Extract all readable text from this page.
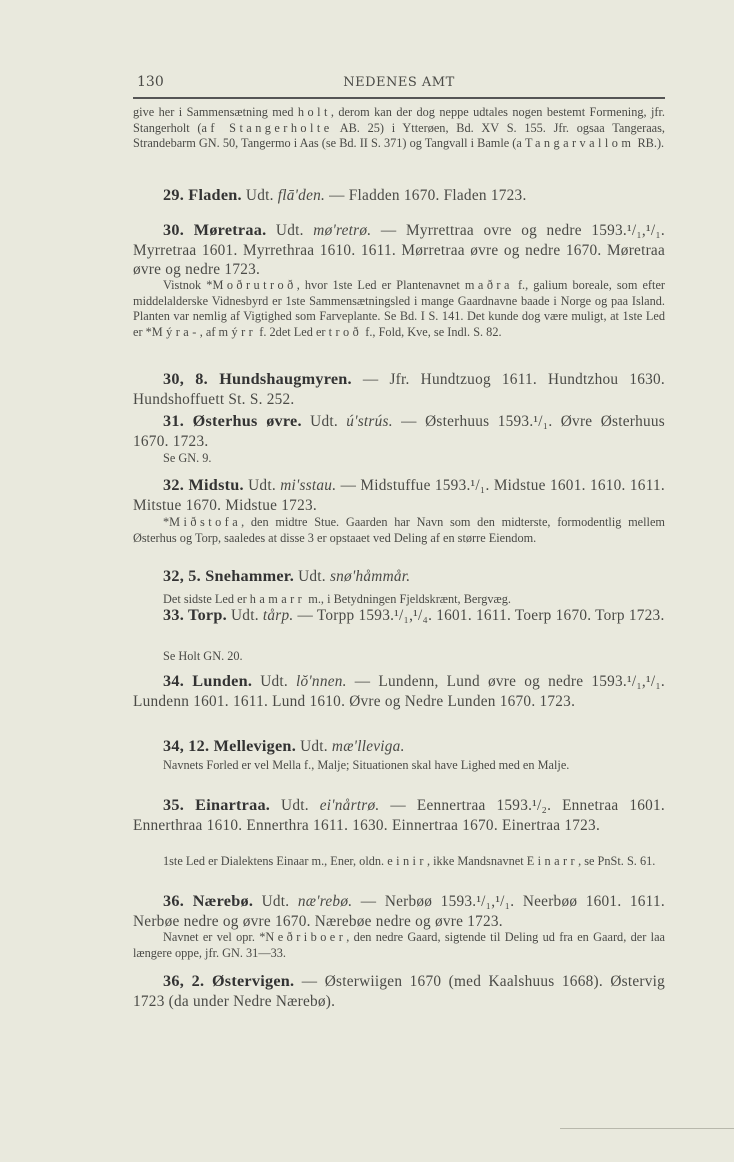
130	NEDENES AMT
give her i Sammensætning med holt, derom kan der dog neppe udtales nogen bestemt Formening, jfr. Stangerholt (af Stangerholte AB. 25) i Ytterøen, Bd. XV S. 155. Jfr. ogsaa Tangeraas, Strandebarm GN. 50, Tangermo i Aas (se Bd. II S. 371) og Tangvall i Bamle (a Tangarvallom RB.).
29. Fladen. Udt. flā'den. — Fladden 1670. Fladen 1723.
30. Møretraa. Udt. mø'retrø. — Myrrettraa ovre og nedre 1593.¹/₁,¹/₁. Myrretraa 1601. Myrrethraa 1610. 1611. Mørretraa øvre og nedre 1670. Møretraa øvre og nedre 1723.
Vistnok *Moðrutroð, hvor 1ste Led er Plantenavnet maðra f., galium boreale, som efter middelalderske Vidnesbyrd er 1ste Sammensætningsled i mange Gaardnavne baade i Norge og paa Island. Planten var nemlig af Vigtighed som Farveplante. Se Bd. I S. 141. Det kunde dog være muligt, at 1ste Led er *Mýra-, af mýrr f. 2det Led er troð f., Fold, Kve, se Indl. S. 82.
30, 8. Hundshaugmyren. — Jfr. Hundtzuog 1611. Hundtzhou 1630. Hundshoffuett St. S. 252.
31. Østerhus øvre. Udt. ú'strús. — Østerhuus 1593.¹/₁. Øvre Østerhuus 1670. 1723.
Se GN. 9.
32. Midstu. Udt. mi'sstau. — Midstuffue 1593.¹/₁. Midstue 1601. 1610. 1611. Mitstue 1670. Midstue 1723.
*Miðstofa, den midtre Stue. Gaarden har Navn som den midterste, formodentlig mellem Østerhus og Torp, saaledes at disse 3 er opstaaet ved Deling af en større Eiendom.
32, 5. Snehammer. Udt. snø'håmmår.
Det sidste Led er hamarr m., i Betydningen Fjeldskrænt, Bergvæg.
33. Torp. Udt. tårp. — Torpp 1593.¹/₁,¹/₄. 1601. 1611. Toerp 1670. Torp 1723.
Se Holt GN. 20.
34. Lunden. Udt. lŏ'nnen. — Lundenn, Lund øvre og nedre 1593.¹/₁,¹/₁. Lundenn 1601. 1611. Lund 1610. Øvre og Nedre Lunden 1670. 1723.
34, 12. Mellevigen. Udt. mæ'lleviga.
Navnets Forled er vel Mella f., Malje; Situationen skal have Lighed med en Malje.
35. Einartraa. Udt. ei'nårtrø. — Eennertraa 1593.¹/₂. Ennetraa 1601. Ennerthraa 1610. Ennerthra 1611. 1630. Einnertraa 1670. Einertraa 1723.
1ste Led er Dialektens Einaar m., Ener, oldn. einir, ikke Mandsnavnet Einarr, se PnSt. S. 61.
36. Nærebø. Udt. næ'rebø. — Nerbøø 1593.¹/₁,¹/₁. Neerbøø 1601. 1611. Nerbøe nedre og øvre 1670. Nærebøe nedre og øvre 1723.
Navnet er vel opr. *Neðriboer, den nedre Gaard, sigtende til Deling ud fra en Gaard, der laa længere oppe, jfr. GN. 31—33.
36, 2. Østervigen. — Østerwiigen 1670 (med Kaalshuus 1668). Østervig 1723 (da under Nedre Nærebø).
